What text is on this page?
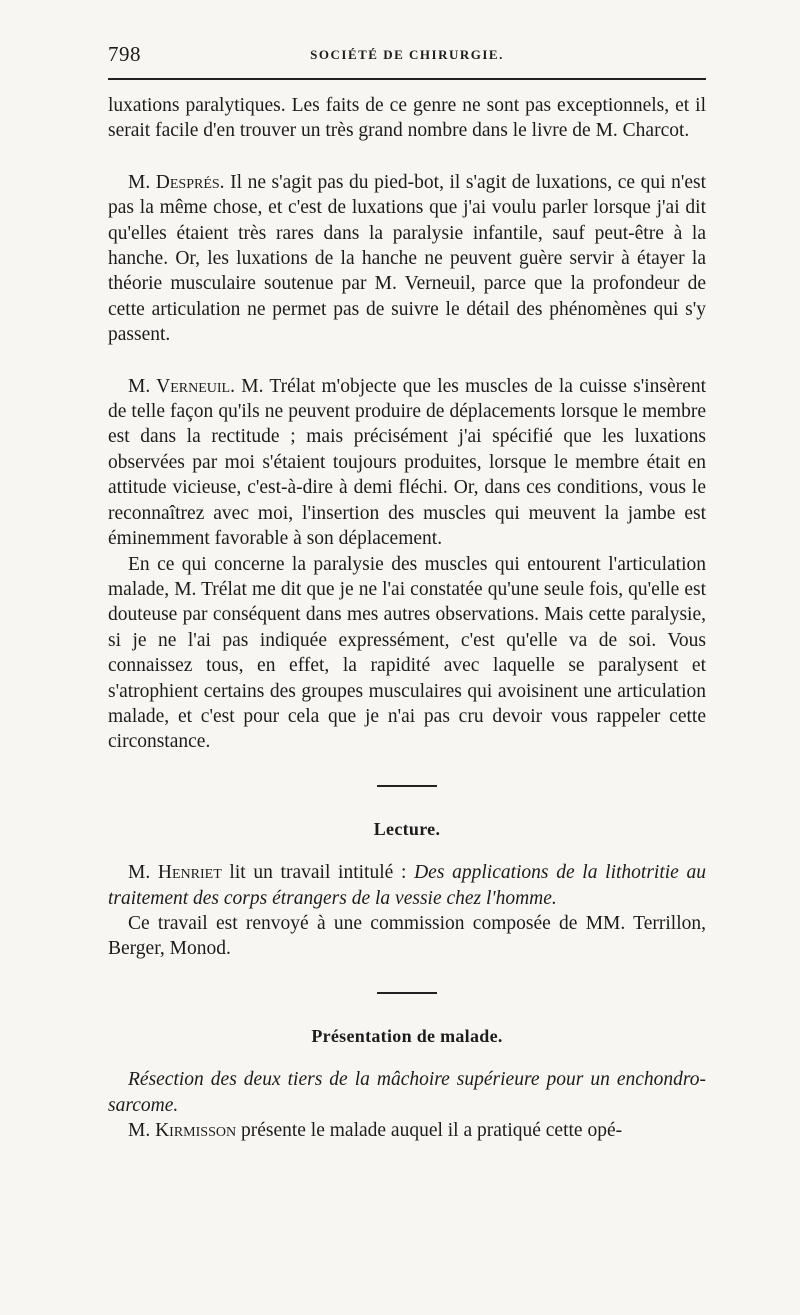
798	SOCIÉTÉ DE CHIRURGIE.

luxations paralytiques. Les faits de ce genre ne sont pas exceptionnels, et il serait facile d'en trouver un très grand nombre dans le livre de M. Charcot.

M. Després. Il ne s'agit pas du pied-bot, il s'agit de luxations, ce qui n'est pas la même chose, et c'est de luxations que j'ai voulu parler lorsque j'ai dit qu'elles étaient très rares dans la paralysie infantile, sauf peut-être à la hanche. Or, les luxations de la hanche ne peuvent guère servir à étayer la théorie musculaire soutenue par M. Verneuil, parce que la profondeur de cette articulation ne permet pas de suivre le détail des phénomènes qui s'y passent.

M. Verneuil. M. Trélat m'objecte que les muscles de la cuisse s'insèrent de telle façon qu'ils ne peuvent produire de déplacements lorsque le membre est dans la rectitude ; mais précisément j'ai spécifié que les luxations observées par moi s'étaient toujours produites, lorsque le membre était en attitude vicieuse, c'est-à-dire à demi fléchi. Or, dans ces conditions, vous le reconnaîtrez avec moi, l'insertion des muscles qui meuvent la jambe est éminemment favorable à son déplacement.

En ce qui concerne la paralysie des muscles qui entourent l'articulation malade, M. Trélat me dit que je ne l'ai constatée qu'une seule fois, qu'elle est douteuse par conséquent dans mes autres observations. Mais cette paralysie, si je ne l'ai pas indiquée expressément, c'est qu'elle va de soi. Vous connaissez tous, en effet, la rapidité avec laquelle se paralysent et s'atrophient certains des groupes musculaires qui avoisinent une articulation malade, et c'est pour cela que je n'ai pas cru devoir vous rappeler cette circonstance.

Lecture.

M. Henriet lit un travail intitulé : Des applications de la lithotritie au traitement des corps étrangers de la vessie chez l'homme.

Ce travail est renvoyé à une commission composée de MM. Terrillon, Berger, Monod.

Présentation de malade.

Résection des deux tiers de la mâchoire supérieure pour un enchondro-sarcome.

M. Kirmisson présente le malade auquel il a pratiqué cette opé-
